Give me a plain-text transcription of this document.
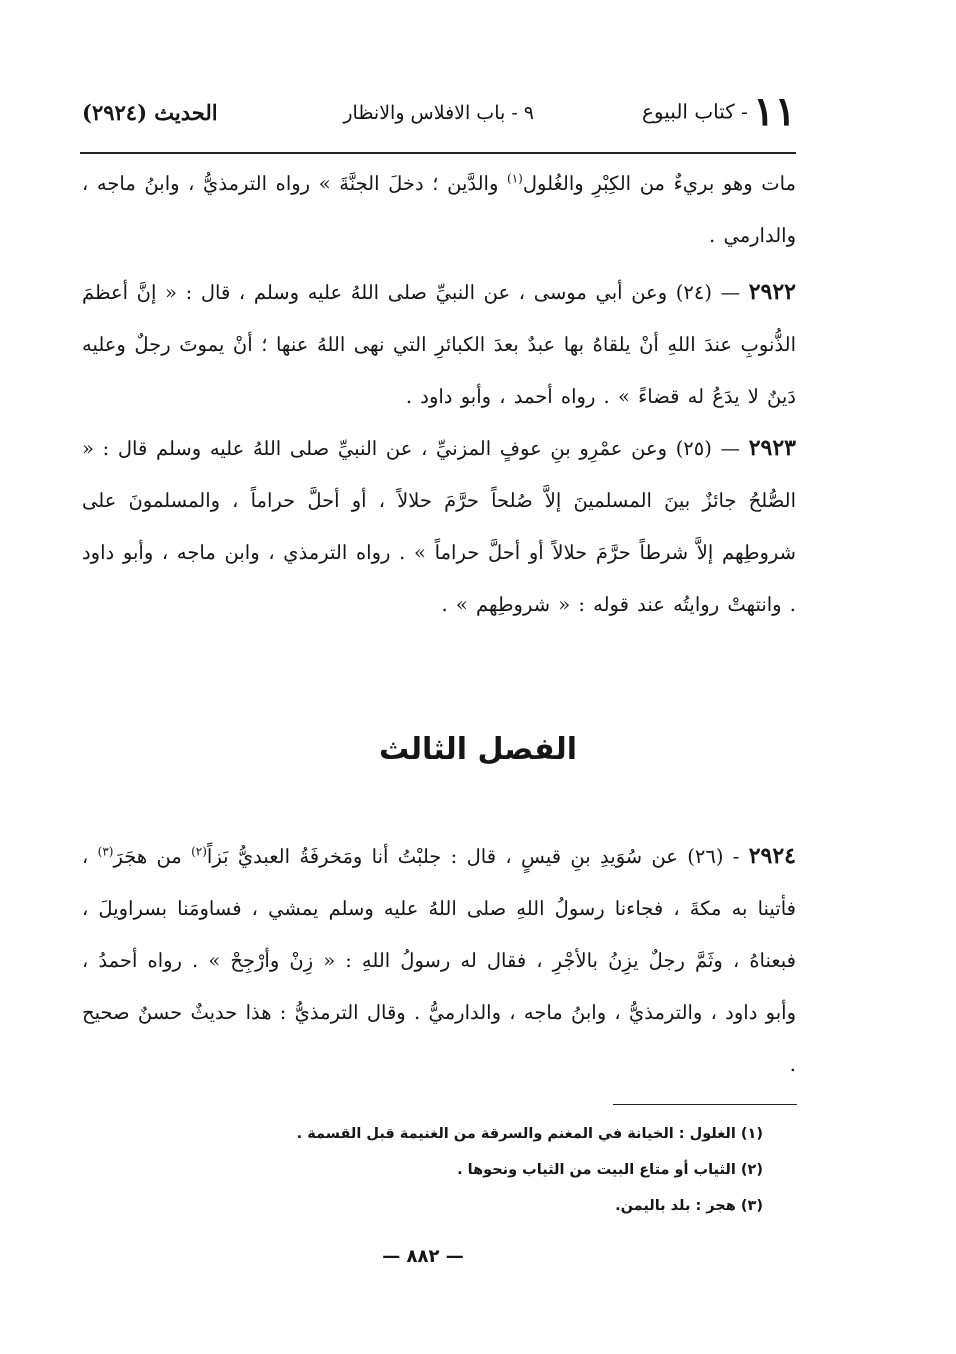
١١ - كتاب البيوع
٩ - باب الافلاس والانظار
الحديث (٢٩٢٤)
مات وهو بريءٌ من الكِبْرِ والغُلول$^{(١)}$ والدَّين ؛ دخلَ الجنَّةَ » رواه الترمذيُّ ، وابنُ ماجه ، والدارمي .
٢٩٢٢ — (٢٤) وعن أبي موسى ، عن النبيِّ صلى اللهُ عليه وسلم ، قال : « إنَّ أعظمَ الذُّنوبِ عندَ اللهِ أنْ يلقاهُ بها عبدٌ بعدَ الكبائرِ التي نهى اللهُ عنها ؛ أنْ يموتَ رجلٌ وعليه دَينٌ لا يدَعُ له قضاءً » . رواه أحمد ، وأبو داود .
٢٩٢٣ — (٢٥) وعن عمْرِو بنِ عوفٍ المزنيِّ ، عن النبيِّ صلى اللهُ عليه وسلم قال : « الصُّلحُ جائزٌ بينَ المسلمينَ إلاَّ صُلحاً حرَّمَ حلالاً ، أو أحلَّ حراماً ، والمسلمونَ على شروطِهم إلاَّ شرطاً حرَّمَ حلالاً أو أحلَّ حراماً » . رواه الترمذي ، وابن ماجه ، وأبو داود . وانتهتْ روايتُه عند قوله : « شروطِهم » .
الفصل الثالث
٢٩٢٤ - (٢٦) عن سُوَيدِ بنِ قيسٍ ، قال : جلبْتُ أنا ومَخرفَةُ العبديُّ بَزاً$^{(٢)}$ من هجَرَ$^{(٣)}$ ، فأتينا به مكةَ ، فجاءنا رسولُ اللهِ صلى اللهُ عليه وسلم يمشي ، فساومَنا بسراويلَ ، فبعناهُ ، وثَمَّ رجلٌ يزِنُ بالأجْرِ ، فقال له رسولُ اللهِ : « زِنْ وأرْجِحْ » . رواه أحمدُ ، وأبو داود ، والترمذيُّ ، وابنُ ماجه ، والدارميُّ . وقال الترمذيُّ : هذا حديثٌ حسنٌ صحيح .
(١) الغلول : الخيانة في المغنم والسرقة من الغنيمة قبل القسمة .
(٢) الثياب أو متاع البيت من الثياب ونحوها .
(٣) هجر : بلد باليمن.
— ٨٨٢ —
